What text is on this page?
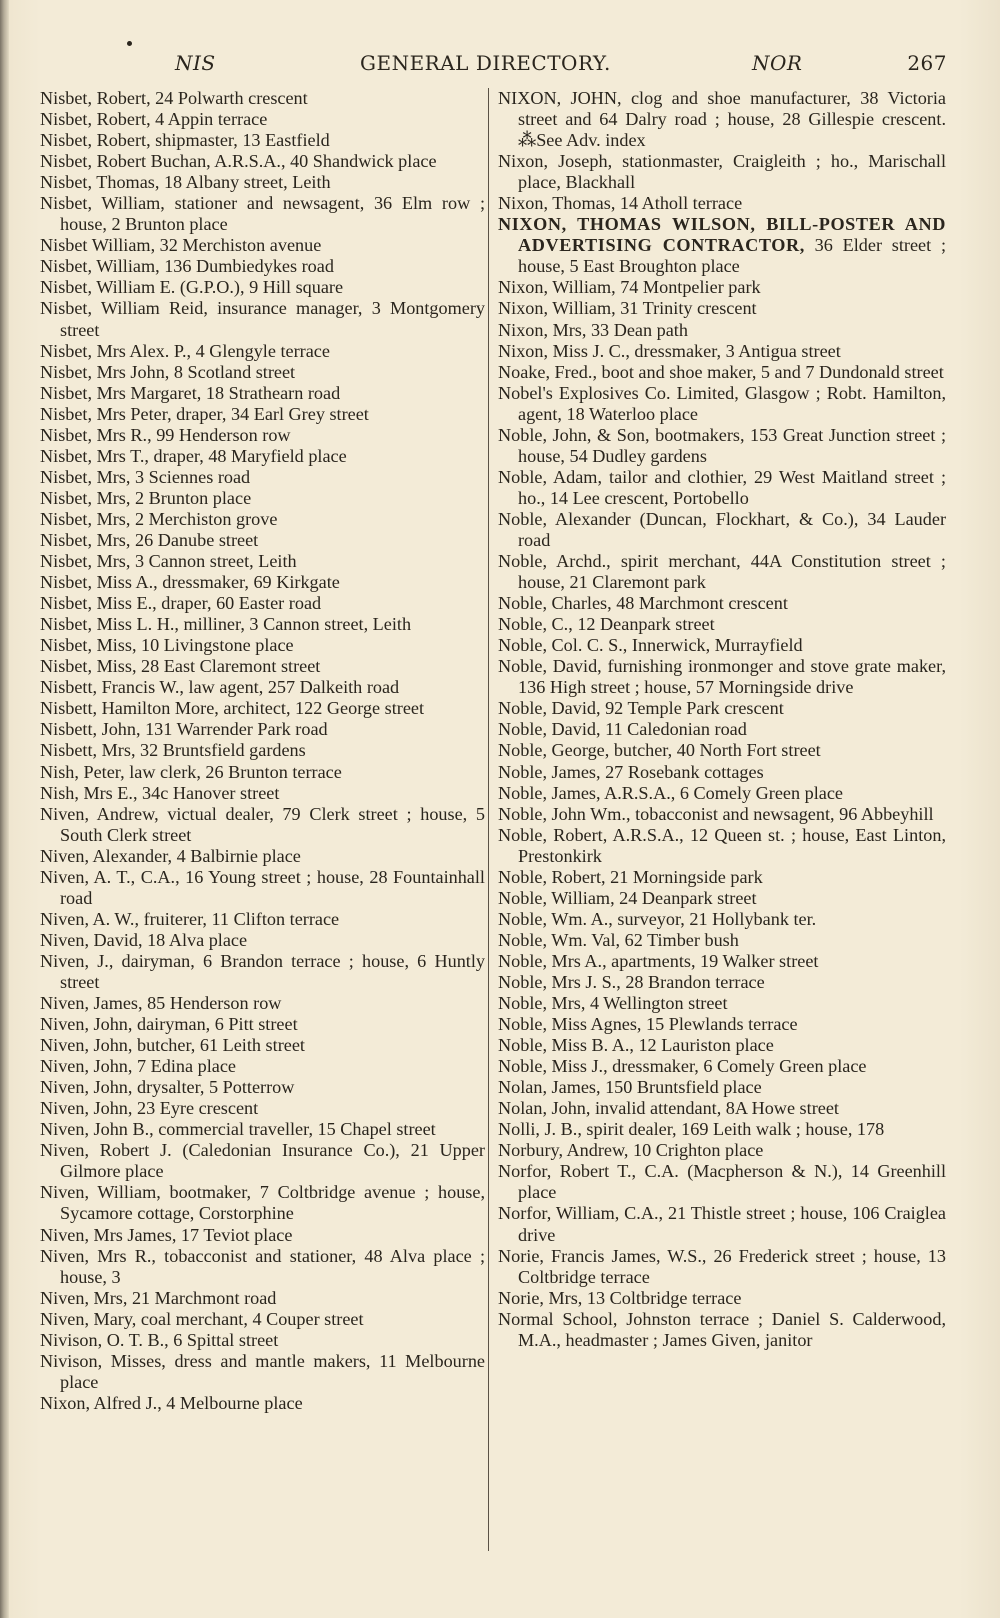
NIS	GENERAL DIRECTORY.	NOR	267
Nisbet, Robert, 24 Polwarth crescent
Nisbet, Robert, 4 Appin terrace
Nisbet, Robert, shipmaster, 13 Eastfield
Nisbet, Robert Buchan, A.R.S.A., 40 Shandwick place
Nisbet, Thomas, 18 Albany street, Leith
Nisbet, William, stationer and newsagent, 36 Elm row ; house, 2 Brunton place
Nisbet William, 32 Merchiston avenue
Nisbet, William, 136 Dumbiedykes road
Nisbet, William E. (G.P.O.), 9 Hill square
Nisbet, William Reid, insurance manager, 3 Montgomery street
Nisbet, Mrs Alex. P., 4 Glengyle terrace
Nisbet, Mrs John, 8 Scotland street
Nisbet, Mrs Margaret, 18 Strathearn road
Nisbet, Mrs Peter, draper, 34 Earl Grey street
Nisbet, Mrs R., 99 Henderson row
Nisbet, Mrs T., draper, 48 Maryfield place
Nisbet, Mrs, 3 Sciennes road
Nisbet, Mrs, 2 Brunton place
Nisbet, Mrs, 2 Merchiston grove
Nisbet, Mrs, 26 Danube street
Nisbet, Mrs, 3 Cannon street, Leith
Nisbet, Miss A., dressmaker, 69 Kirkgate
Nisbet, Miss E., draper, 60 Easter road
Nisbet, Miss L. H., milliner, 3 Cannon street, Leith
Nisbet, Miss, 10 Livingstone place
Nisbet, Miss, 28 East Claremont street
Nisbett, Francis W., law agent, 257 Dalkeith road
Nisbett, Hamilton More, architect, 122 George street
Nisbett, John, 131 Warrender Park road
Nisbett, Mrs, 32 Bruntsfield gardens
Nish, Peter, law clerk, 26 Brunton terrace
Nish, Mrs E., 34c Hanover street
Niven, Andrew, victual dealer, 79 Clerk street ; house, 5 South Clerk street
Niven, Alexander, 4 Balbirnie place
Niven, A. T., C.A., 16 Young street ; house, 28 Fountainhall road
Niven, A. W., fruiterer, 11 Clifton terrace
Niven, David, 18 Alva place
Niven, J., dairyman, 6 Brandon terrace ; house, 6 Huntly street
Niven, James, 85 Henderson row
Niven, John, dairyman, 6 Pitt street
Niven, John, butcher, 61 Leith street
Niven, John, 7 Edina place
Niven, John, drysalter, 5 Potterrow
Niven, John, 23 Eyre crescent
Niven, John B., commercial traveller, 15 Chapel street
Niven, Robert J. (Caledonian Insurance Co.), 21 Upper Gilmore place
Niven, William, bootmaker, 7 Coltbridge avenue ; house, Sycamore cottage, Corstorphine
Niven, Mrs James, 17 Teviot place
Niven, Mrs R., tobacconist and stationer, 48 Alva place ; house, 3
Niven, Mrs, 21 Marchmont road
Niven, Mary, coal merchant, 4 Couper street
Nivison, O. T. B., 6 Spittal street
Nivison, Misses, dress and mantle makers, 11 Melbourne place
Nixon, Alfred J., 4 Melbourne place
NIXON, JOHN, clog and shoe manufacturer, 38 Victoria street and 64 Dalry road ; house, 28 Gillespie crescent. ⁂See Adv. index
Nixon, Joseph, stationmaster, Craigleith ; ho., Marischall place, Blackhall
Nixon, Thomas, 14 Atholl terrace
NIXON, THOMAS WILSON, BILL-POSTER AND ADVERTISING CONTRACTOR, 36 Elder street ; house, 5 East Broughton place
Nixon, William, 74 Montpelier park
Nixon, William, 31 Trinity crescent
Nixon, Mrs, 33 Dean path
Nixon, Miss J. C., dressmaker, 3 Antigua street
Noake, Fred., boot and shoe maker, 5 and 7 Dundonald street
Nobel's Explosives Co. Limited, Glasgow ; Robt. Hamilton, agent, 18 Waterloo place
Noble, John, & Son, bootmakers, 153 Great Junction street ; house, 54 Dudley gardens
Noble, Adam, tailor and clothier, 29 West Maitland street ; ho., 14 Lee crescent, Portobello
Noble, Alexander (Duncan, Flockhart, & Co.), 34 Lauder road
Noble, Archd., spirit merchant, 44A Constitution street ; house, 21 Claremont park
Noble, Charles, 48 Marchmont crescent
Noble, C., 12 Deanpark street
Noble, Col. C. S., Innerwick, Murrayfield
Noble, David, furnishing ironmonger and stove grate maker, 136 High street ; house, 57 Morningside drive
Noble, David, 92 Temple Park crescent
Noble, David, 11 Caledonian road
Noble, George, butcher, 40 North Fort street
Noble, James, 27 Rosebank cottages
Noble, James, A.R.S.A., 6 Comely Green place
Noble, John Wm., tobacconist and newsagent, 96 Abbeyhill
Noble, Robert, A.R.S.A., 12 Queen st. ; house, East Linton, Prestonkirk
Noble, Robert, 21 Morningside park
Noble, William, 24 Deanpark street
Noble, Wm. A., surveyor, 21 Hollybank ter.
Noble, Wm. Val, 62 Timber bush
Noble, Mrs A., apartments, 19 Walker street
Noble, Mrs J. S., 28 Brandon terrace
Noble, Mrs, 4 Wellington street
Noble, Miss Agnes, 15 Plewlands terrace
Noble, Miss B. A., 12 Lauriston place
Noble, Miss J., dressmaker, 6 Comely Green place
Nolan, James, 150 Bruntsfield place
Nolan, John, invalid attendant, 8A Howe street
Nolli, J. B., spirit dealer, 169 Leith walk ; house, 178
Norbury, Andrew, 10 Crighton place
Norfor, Robert T., C.A. (Macpherson & N.), 14 Greenhill place
Norfor, William, C.A., 21 Thistle street ; house, 106 Craiglea drive
Norie, Francis James, W.S., 26 Frederick street ; house, 13 Coltbridge terrace
Norie, Mrs, 13 Coltbridge terrace
Normal School, Johnston terrace ; Daniel S. Calderwood, M.A., headmaster ; James Given, janitor
